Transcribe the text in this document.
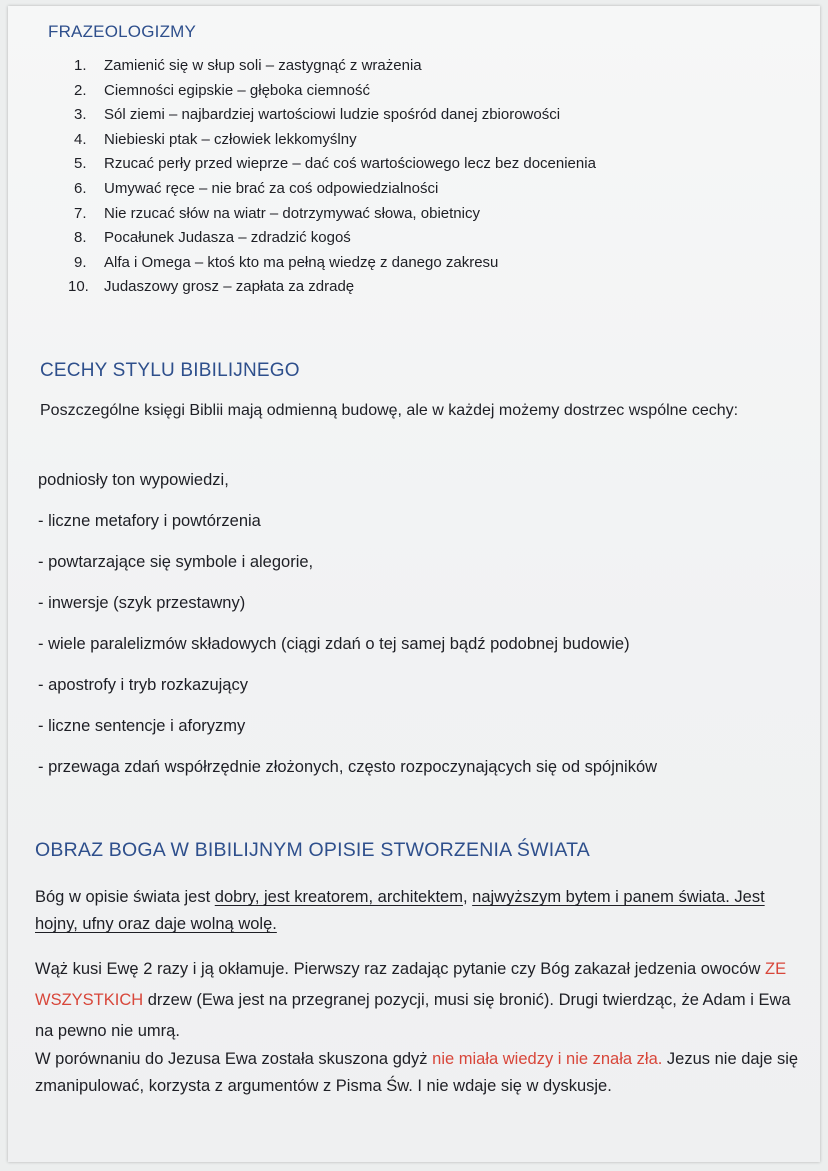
FRAZEOLOGIZMY
1.	Zamienić się w słup soli – zastygnąć z wrażenia
2.	Ciemności egipskie – głęboka ciemność
3.	Sól ziemi – najbardziej wartościowi ludzie spośród danej zbiorowości
4.	Niebieski ptak – człowiek lekkomyślny
5.	Rzucać perły przed wieprze – dać coś wartościowego lecz bez docenienia
6.	Umywać ręce – nie brać za coś odpowiedzialności
7.	Nie rzucać słów na wiatr – dotrzymywać słowa, obietnicy
8.	Pocałunek Judasza – zdradzić kogoś
9.	Alfa i Omega – ktoś kto ma pełną wiedzę z danego zakresu
10.	Judaszowy grosz – zapłata za zdradę
CECHY STYLU BIBILIJNEGO
Poszczególne księgi Biblii mają odmienną budowę, ale w każdej możemy dostrzec wspólne cechy:
podniosły ton wypowiedzi,
- liczne metafory i powtórzenia
- powtarzające się symbole i alegorie,
- inwersje (szyk przestawny)
- wiele paralelizmów składowych (ciągi zdań o tej samej bądź podobnej budowie)
- apostrofy i tryb rozkazujący
- liczne sentencje i aforyzmy
- przewaga zdań współrzędnie złożonych, często rozpoczynających się od spójników
OBRAZ BOGA W BIBILIJNYM OPISIE STWORZENIA ŚWIATA
Bóg w opisie świata jest dobry, jest kreatorem, architektem, najwyższym bytem i panem świata. Jest hojny, ufny oraz daje wolną wolę.
Wąż kusi Ewę 2 razy i ją okłamuje. Pierwszy raz zadając pytanie czy Bóg zakazał jedzenia owoców ZE WSZYSTKICH drzew (Ewa jest na przegranej pozycji, musi się bronić). Drugi twierdząc, że Adam i Ewa na pewno nie umrą.
W porównaniu do Jezusa Ewa została skuszona gdyż nie miała wiedzy i nie znała zła. Jezus nie daje się zmanipulować, korzysta z argumentów z Pisma Św. I nie wdaje się w dyskusje.
